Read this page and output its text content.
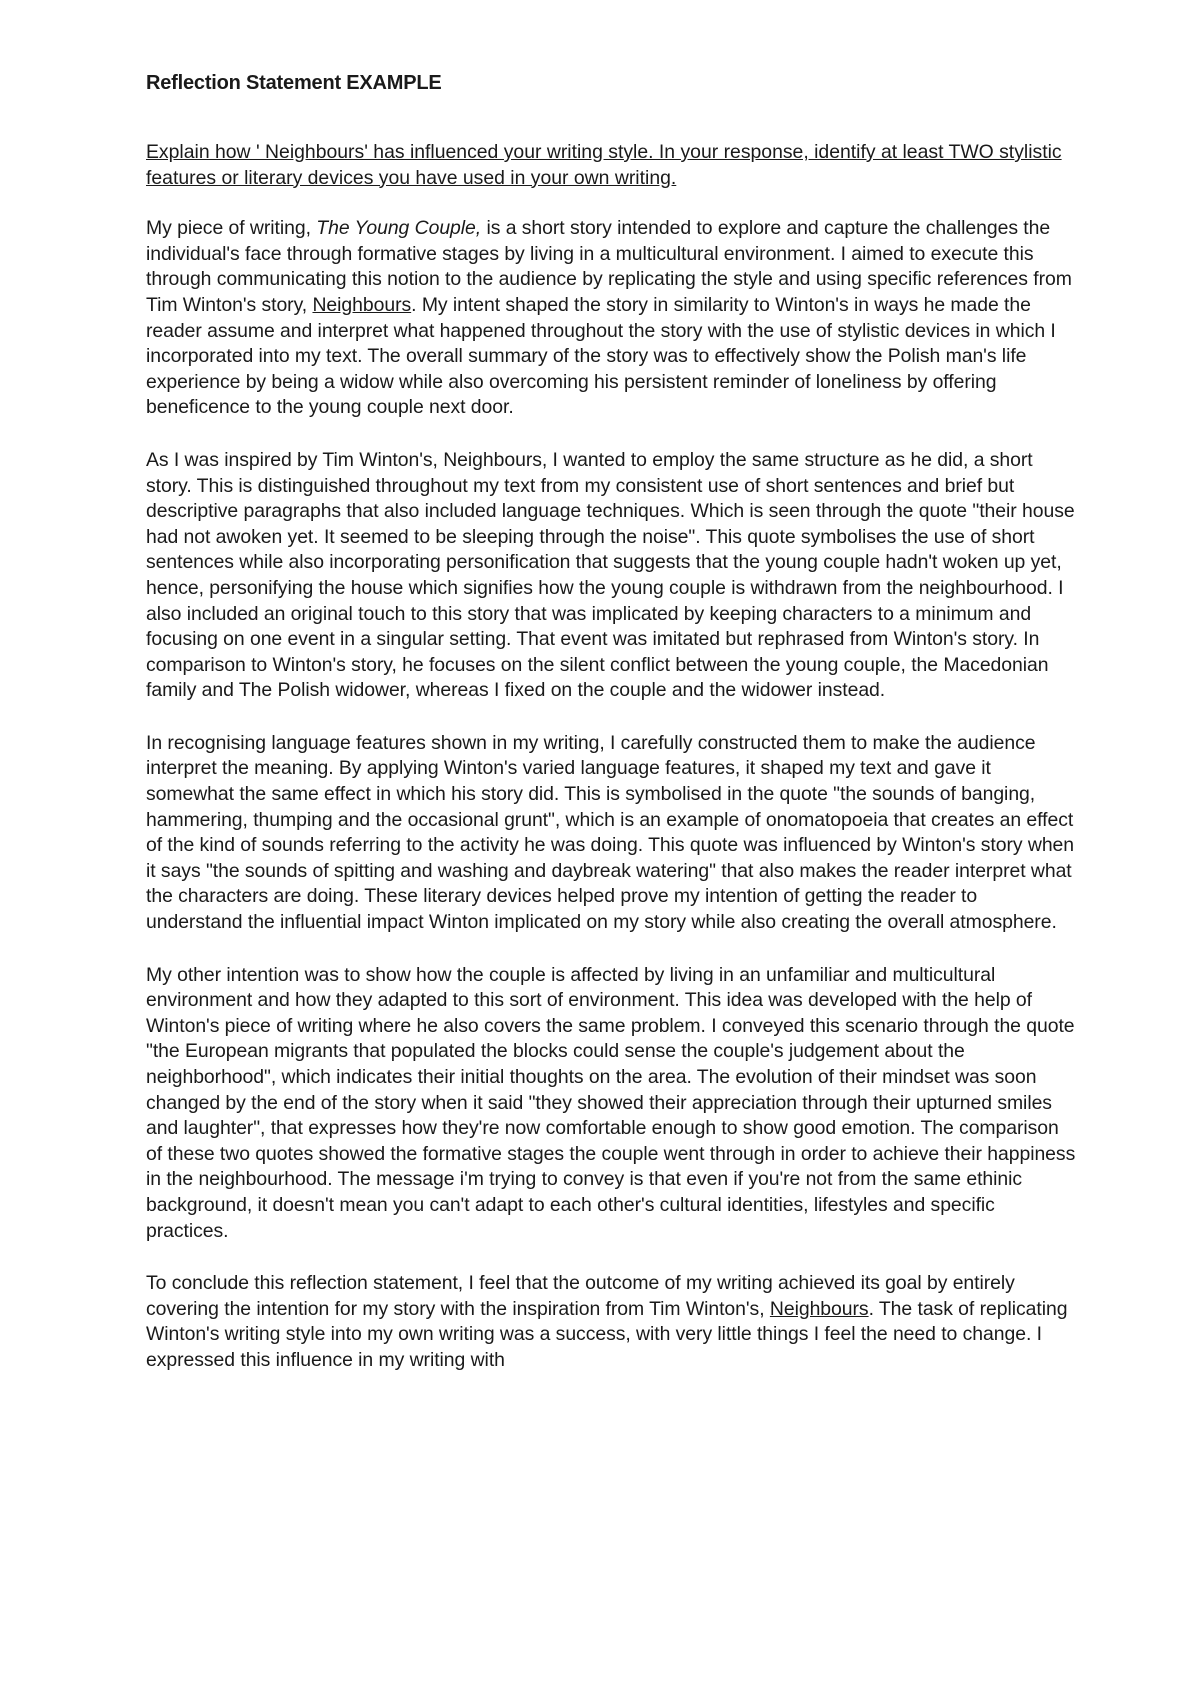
Reflection Statement EXAMPLE
Explain how ' Neighbours' has influenced your writing style. In your response, identify at least TWO stylistic features or literary devices you have used in your own writing.

My piece of writing, The Young Couple, is a short story intended to explore and capture the challenges the individual's face through formative stages by living in a multicultural environment. I aimed to execute this through communicating this notion to the audience by replicating the style and using specific references from Tim Winton's story, Neighbours. My intent shaped the story in similarity to Winton's in ways he made the reader assume and interpret what happened throughout the story with the use of stylistic devices in which I incorporated into my text. The overall summary of the story was to effectively show the Polish man's life experience by being a widow while also overcoming his persistent reminder of loneliness by offering beneficence to the young couple next door.

As I was inspired by Tim Winton's, Neighbours, I wanted to employ the same structure as he did, a short story. This is distinguished throughout my text from my consistent use of short sentences and brief but descriptive paragraphs that also included language techniques. Which is seen through the quote "their house had not awoken yet. It seemed to be sleeping through the noise". This quote symbolises the use of short sentences while also incorporating personification that suggests that the young couple hadn't woken up yet, hence, personifying the house which signifies how the young couple is withdrawn from the neighbourhood. I also included an original touch to this story that was implicated by keeping characters to a minimum and focusing on one event in a singular setting. That event was imitated but rephrased from Winton's story. In comparison to Winton's story, he focuses on the silent conflict between the young couple, the Macedonian family and The Polish widower, whereas I fixed on the couple and the widower instead.

In recognising language features shown in my writing, I carefully constructed them to make the audience interpret the meaning. By applying Winton's varied language features, it shaped my text and gave it somewhat the same effect in which his story did. This is symbolised in the quote "the sounds of banging, hammering, thumping and the occasional grunt", which is an example of onomatopoeia that creates an effect of the kind of sounds referring to the activity he was doing. This quote was influenced by Winton's story when it says "the sounds of spitting and washing and daybreak watering" that also makes the reader interpret what the characters are doing. These literary devices helped prove my intention of getting the reader to understand the influential impact Winton implicated on my story while also creating the overall atmosphere.

My other intention was to show how the couple is affected by living in an unfamiliar and multicultural environment and how they adapted to this sort of environment. This idea was developed with the help of Winton's piece of writing where he also covers the same problem. I conveyed this scenario through the quote "the European migrants that populated the blocks could sense the couple's judgement about the neighborhood", which indicates their initial thoughts on the area. The evolution of their mindset was soon changed by the end of the story when it said "they showed their appreciation through their upturned smiles and laughter", that expresses how they're now comfortable enough to show good emotion. The comparison of these two quotes showed the formative stages the couple went through in order to achieve their happiness in the neighbourhood. The message i'm trying to convey is that even if you're not from the same ethinic background, it doesn't mean you can't adapt to each other's cultural identities, lifestyles and specific practices.

To conclude this reflection statement, I feel that the outcome of my writing achieved its goal by entirely covering the intention for my story with the inspiration from Tim Winton's, Neighbours. The task of replicating Winton's writing style into my own writing was a success, with very little things I feel the need to change. I expressed this influence in my writing with
